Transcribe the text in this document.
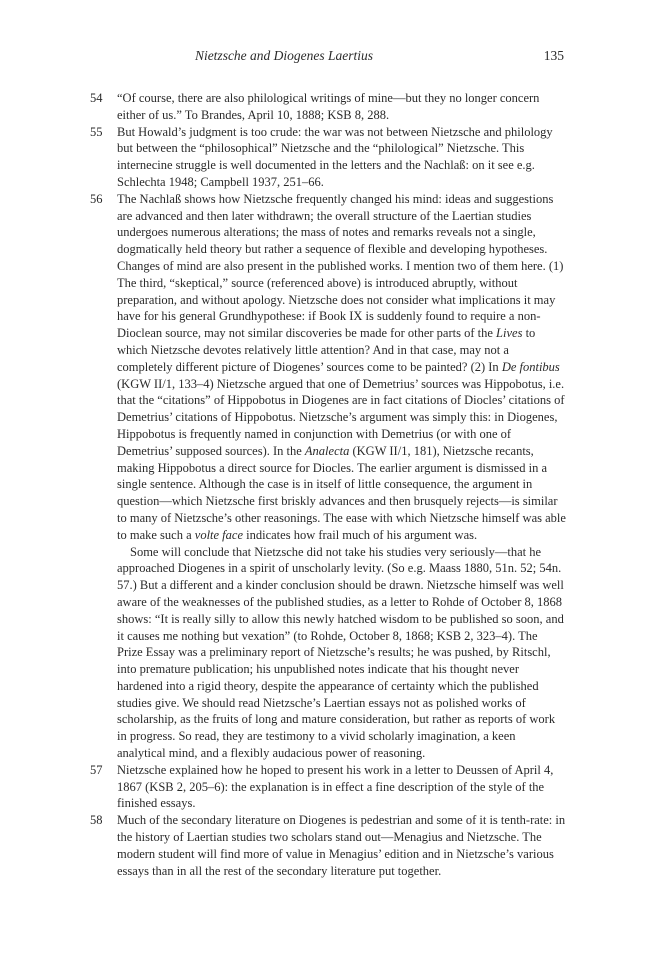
Nietzsche and Diogenes Laertius	135
54 “Of course, there are also philological writings of mine—but they no longer concern either of us.” To Brandes, April 10, 1888; KSB 8, 288.
55 But Howald’s judgment is too crude: the war was not between Nietzsche and philology but between the “philosophical” Nietzsche and the “philological” Nietzsche. This internecine struggle is well documented in the letters and the Nachlaß: on it see e.g. Schlechta 1948; Campbell 1937, 251–66.
56 The Nachlaß shows how Nietzsche frequently changed his mind: ideas and suggestions are advanced and then later withdrawn; the overall structure of the Laertian studies undergoes numerous alterations; the mass of notes and remarks reveals not a single, dogmatically held theory but rather a sequence of flexible and developing hypotheses. Changes of mind are also present in the published works. I mention two of them here. (1) The third, “skeptical,” source (referenced above) is introduced abruptly, without preparation, and without apology. Nietzsche does not consider what implications it may have for his general Grundhypothese: if Book IX is suddenly found to require a non-Dioclean source, may not similar discoveries be made for other parts of the Lives to which Nietzsche devotes relatively little attention? And in that case, may not a completely different picture of Diogenes’ sources come to be painted? (2) In De fontibus (KGW II/1, 133–4) Nietzsche argued that one of Demetrius’ sources was Hippobotus, i.e. that the “citations” of Hippobotus in Diogenes are in fact citations of Diocles’ citations of Demetrius’ citations of Hippobotus. Nietzsche’s argument was simply this: in Diogenes, Hippobotus is frequently named in conjunction with Demetrius (or with one of Demetrius’ supposed sources). In the Analecta (KGW II/1, 181), Nietzsche recants, making Hippobotus a direct source for Diocles. The earlier argument is dismissed in a single sentence. Although the case is in itself of little consequence, the argument in question—which Nietzsche first briskly advances and then brusquely rejects—is similar to many of Nietzsche’s other reasonings. The ease with which Nietzsche himself was able to make such a volte face indicates how frail much of his argument was.
Some will conclude that Nietzsche did not take his studies very seriously—that he approached Diogenes in a spirit of unscholarly levity. (So e.g. Maass 1880, 51n. 52; 54n. 57.) But a different and a kinder conclusion should be drawn. Nietzsche himself was well aware of the weaknesses of the published studies, as a letter to Rohde of October 8, 1868 shows: “It is really silly to allow this newly hatched wisdom to be published so soon, and it causes me nothing but vexation” (to Rohde, October 8, 1868; KSB 2, 323–4). The Prize Essay was a preliminary report of Nietzsche’s results; he was pushed, by Ritschl, into premature publication; his unpublished notes indicate that his thought never hardened into a rigid theory, despite the appearance of certainty which the published studies give. We should read Nietzsche’s Laertian essays not as polished works of scholarship, as the fruits of long and mature consideration, but rather as reports of work in progress. So read, they are testimony to a vivid scholarly imagination, a keen analytical mind, and a flexibly audacious power of reasoning.
57 Nietzsche explained how he hoped to present his work in a letter to Deussen of April 4, 1867 (KSB 2, 205–6): the explanation is in effect a fine description of the style of the finished essays.
58 Much of the secondary literature on Diogenes is pedestrian and some of it is tenth-rate: in the history of Laertian studies two scholars stand out—Menagius and Nietzsche. The modern student will find more of value in Menagius’ edition and in Nietzsche’s various essays than in all the rest of the secondary literature put together.
